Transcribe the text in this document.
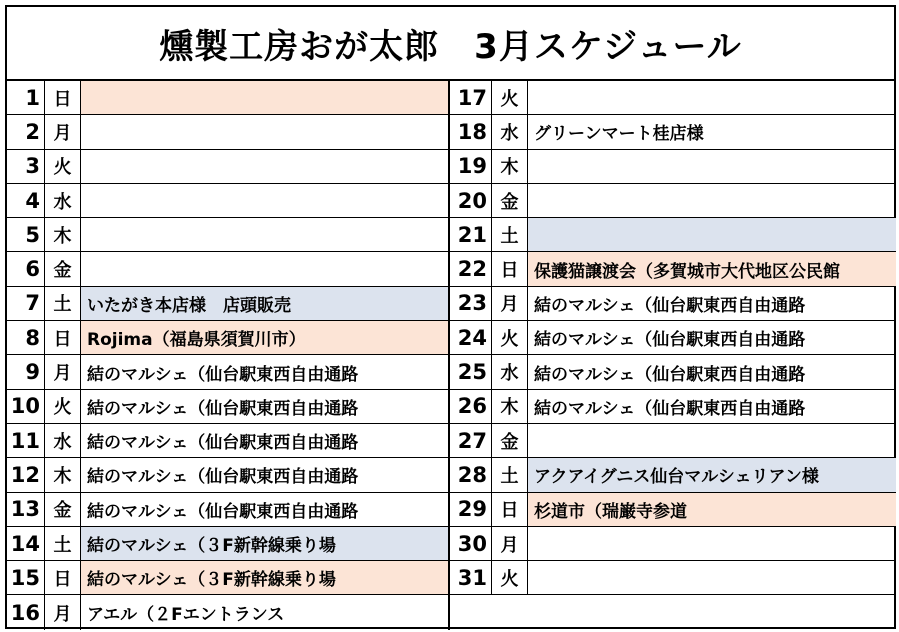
燻製工房おが太郎　3月スケジュール
1 日
2 月
3 火
4 水
5 木
6 金
7 土 いたがき本店様　店頭販売
8 日 Rojima（福島県須賀川市）
9 月 結のマルシェ（仙台駅東西自由通路
10 火 結のマルシェ（仙台駅東西自由通路
11 水 結のマルシェ（仙台駅東西自由通路
12 木 結のマルシェ（仙台駅東西自由通路
13 金 結のマルシェ（仙台駅東西自由通路
14 土 結のマルシェ（３F新幹線乗り場
15 日 結のマルシェ（３F新幹線乗り場
16 月 アエル（２Fエントランス
17 火
18 水 グリーンマート桂店様
19 木
20 金
21 土
22 日 保護猫譲渡会（多賀城市大代地区公民館
23 月 結のマルシェ（仙台駅東西自由通路
24 火 結のマルシェ（仙台駅東西自由通路
25 水 結のマルシェ（仙台駅東西自由通路
26 木 結のマルシェ（仙台駅東西自由通路
27 金
28 土 アクアイグニス仙台マルシェリアン様
29 日 杉道市（瑞巌寺参道
30 月
31 火
